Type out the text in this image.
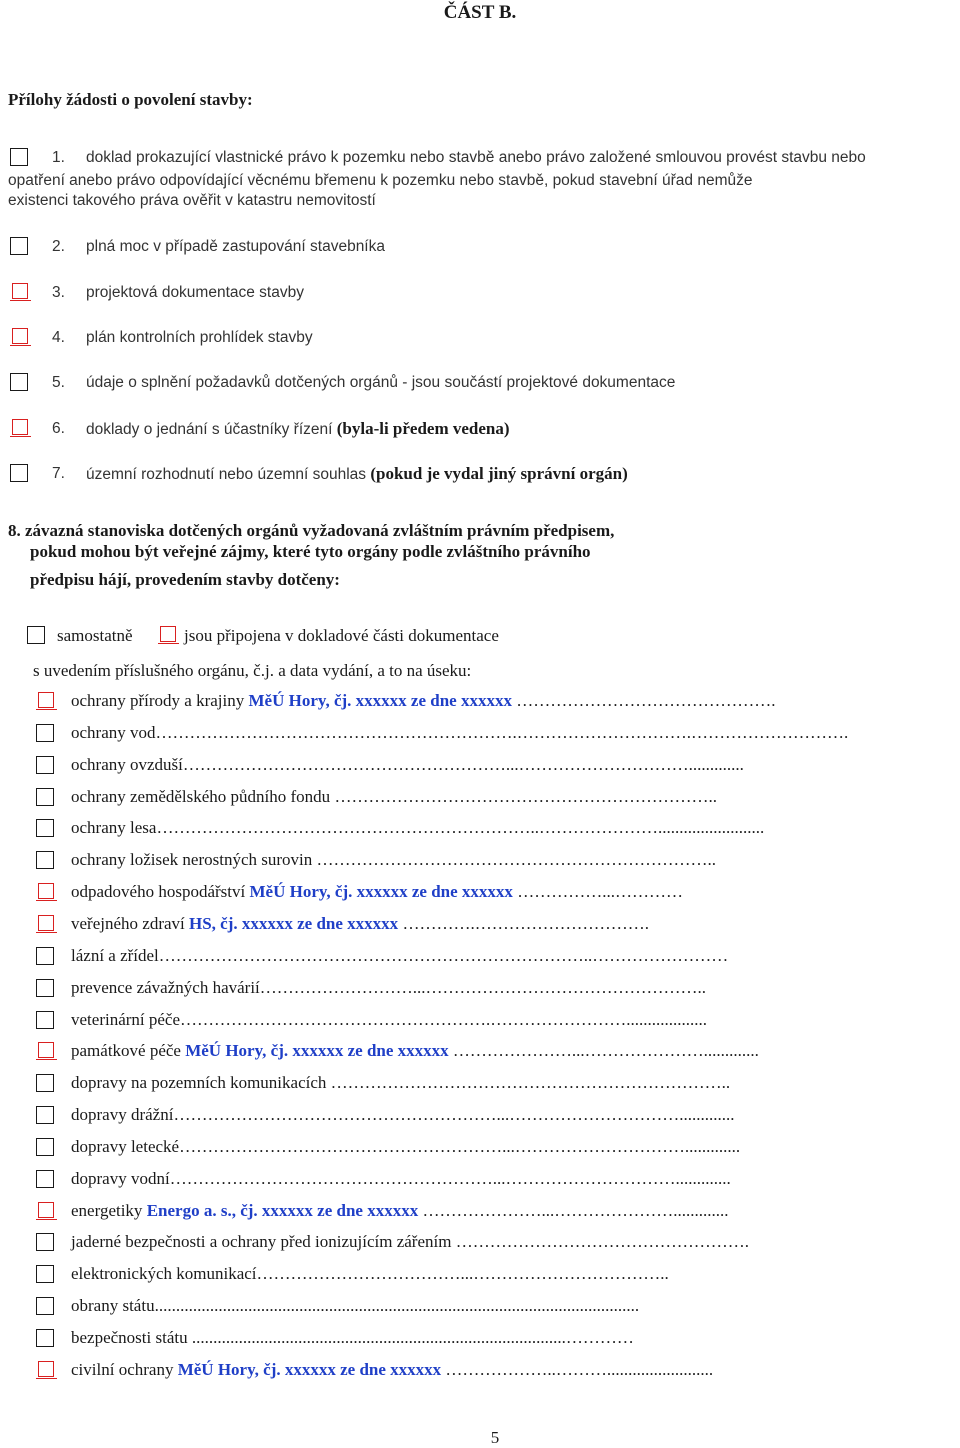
ČÁST B.
Přílohy žádosti o povolení stavby:
1. doklad prokazující vlastnické právo k pozemku nebo stavbě anebo právo založené smlouvou provést stavbu nebo
opatření anebo právo odpovídající věcnému břemenu k pozemku nebo stavbě, pokud stavební úřad nemůže
existenci takového práva ověřit v katastru nemovitostí
2. plná moc v případě zastupování stavebníka
3. projektová dokumentace stavby
4. plán kontrolních prohlídek stavby
5. údaje o splnění požadavků dotčených orgánů - jsou součástí projektové dokumentace
6. doklady o jednání s účastníky řízení (byla-li předem vedena)
7. územní rozhodnutí nebo územní souhlas (pokud je vydal jiný správní orgán)
8. závazná stanoviska dotčených orgánů vyžadovaná zvláštním právním předpisem,
pokud mohou být veřejné zájmy, které tyto orgány podle zvláštního právního
předpisu hájí, provedením stavby dotčeny:
samostatně	jsou připojena v dokladové části dokumentace
s uvedením příslušného orgánu, č.j. a data vydání, a to na úseku:
ochrany přírody a krajiny MěÚ Hory, čj. xxxxxx ze dne xxxxxx ……………………………………….
ochrany vod……………………………………………………….………………………….……………………….
ochrany ovzduší…………………………………………………...………………………….............
ochrany zemědělského půdního fondu …………………………………………………………..
ochrany lesa…………………………………………………………..………………….........................
ochrany ložisek nerostných surovin ……………………………………………………………..
odpadového hospodářství MěÚ Hory, čj. xxxxxx ze dne xxxxxx ……………...…………
veřejného zdraví HS, čj. xxxxxx ze dne xxxxxx ………….………………………….
lázní a zřídel…………………………………………………………………..……………………
prevence závažných havárií………………………...…………………………………………..
veterinární péče……………………………………………….……………………...................
památkové péče MěÚ Hory, čj. xxxxxx ze dne xxxxxx …………………...………………….............
dopravy na pozemních komunikacích ……………………………………………………………..
dopravy drážní…………………………………………………...………………………….............
dopravy letecké…………………………………………………...………………………….............
dopravy vodní…………………………………………………...………………………….............
energetiky Energo a. s., čj. xxxxxx ze dne xxxxxx …………………...………………….............
jaderné bezpečnosti a ochrany před ionizujícím zářením …………………………………………….
elektronických komunikací………………………………...……………………………..
obrany státu..................................................................................................................
bezpečnosti státu ........................................................................................…………
civilní ochrany MěÚ Hory, čj. xxxxxx ze dne xxxxxx ………………..……….........................
5
